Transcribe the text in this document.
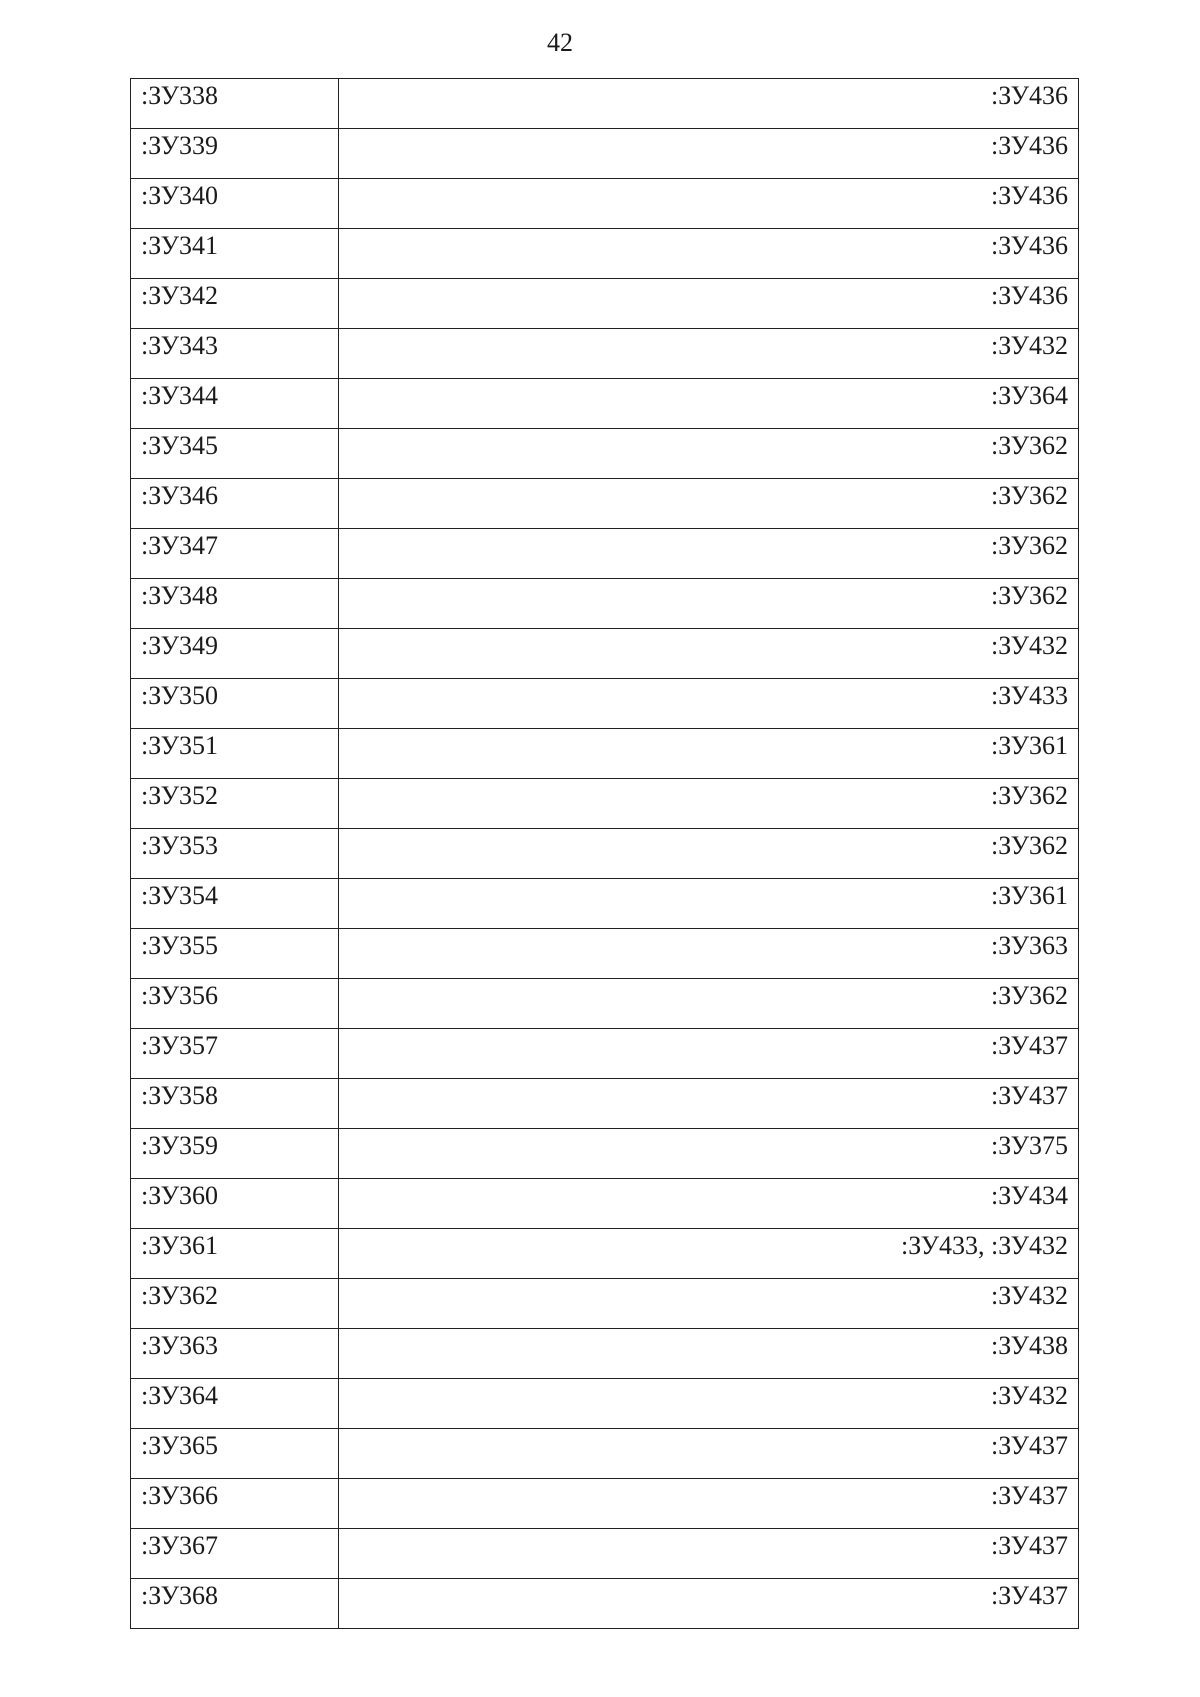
42
:ЗУ338	:ЗУ436
:ЗУ339	:ЗУ436
:ЗУ340	:ЗУ436
:ЗУ341	:ЗУ436
:ЗУ342	:ЗУ436
:ЗУ343	:ЗУ432
:ЗУ344	:ЗУ364
:ЗУ345	:ЗУ362
:ЗУ346	:ЗУ362
:ЗУ347	:ЗУ362
:ЗУ348	:ЗУ362
:ЗУ349	:ЗУ432
:ЗУ350	:ЗУ433
:ЗУ351	:ЗУ361
:ЗУ352	:ЗУ362
:ЗУ353	:ЗУ362
:ЗУ354	:ЗУ361
:ЗУ355	:ЗУ363
:ЗУ356	:ЗУ362
:ЗУ357	:ЗУ437
:ЗУ358	:ЗУ437
:ЗУ359	:ЗУ375
:ЗУ360	:ЗУ434
:ЗУ361	:ЗУ433, :ЗУ432
:ЗУ362	:ЗУ432
:ЗУ363	:ЗУ438
:ЗУ364	:ЗУ432
:ЗУ365	:ЗУ437
:ЗУ366	:ЗУ437
:ЗУ367	:ЗУ437
:ЗУ368	:ЗУ437
